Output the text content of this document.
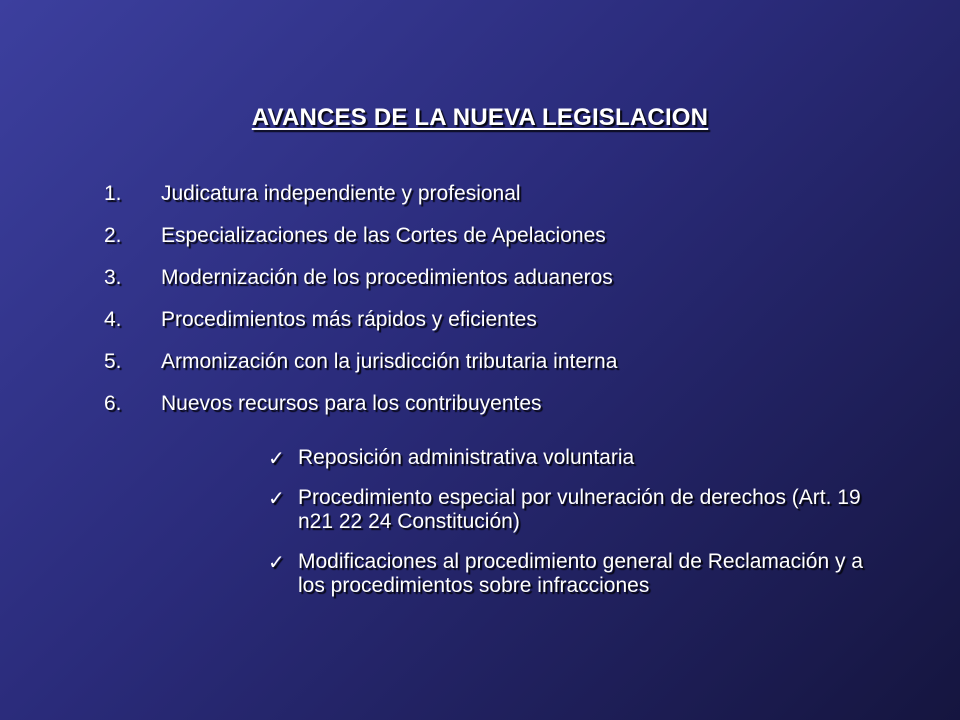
AVANCES DE LA NUEVA LEGISLACION
1.	Judicatura independiente y profesional
2.	Especializaciones de las Cortes de Apelaciones
3.	Modernización de los procedimientos aduaneros
4.	Procedimientos más rápidos y eficientes
5.	Armonización con la jurisdicción tributaria interna
6.	Nuevos recursos para los contribuyentes
✓ Reposición administrativa voluntaria
✓ Procedimiento especial por vulneración de derechos (Art. 19 n21 22 24 Constitución)
✓ Modificaciones al procedimiento general de Reclamación y a los procedimientos sobre infracciones
